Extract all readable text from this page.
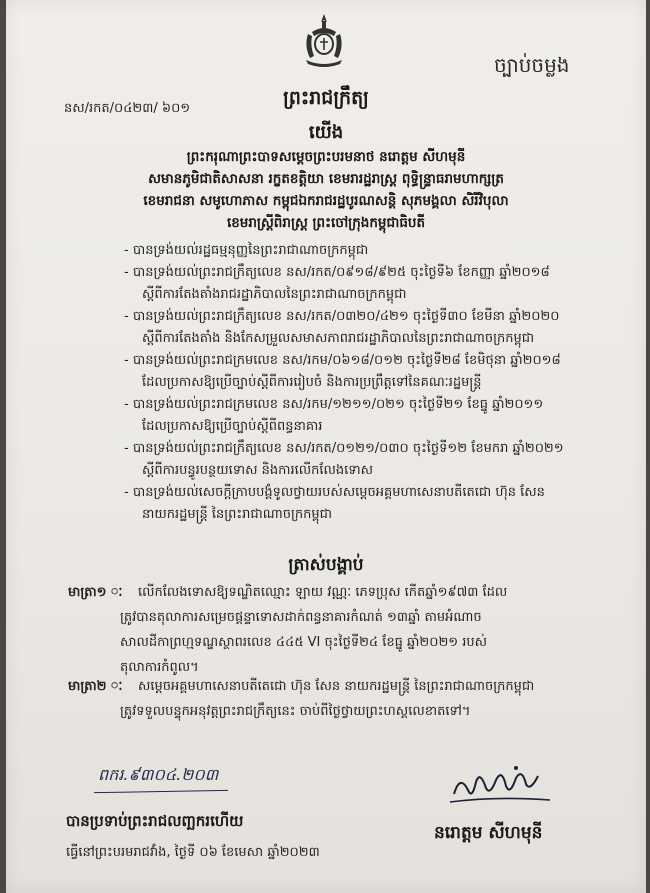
ច្បាប់ចម្លង
ព្រះរាជក្រឹត្យ
នស/រកត/០៤២៣/ ៦០១
យើង
ព្រះករុណាព្រះបាទសម្តេចព្រះបរមនាថ នរោត្តម សីហមុនី
សមានភូមិជាតិសាសនា រក្ខតខត្តិយា ខេមរារដ្ឋរាស្ត្រ ពុទ្ធិន្ទ្រាធរាមហាក្សត្រ
ខេមរាជនា សមូហោភាស កម្ពុជឯករាជរដ្ឋបូរណសន្តិ សុភមង្គលា សិរីវិបុលា
ខេមរាស្ត្រីពិរាស្ត្រ ព្រះចៅក្រុងកម្ពុជាធិបតី
- បានទ្រង់យល់រដ្ឋធម្មនុញ្ញនៃព្រះរាជាណាចក្រកម្ពុជា
- បានទ្រង់យល់ព្រះរាជក្រឹត្យលេខ នស/រកត/០៩១៨/៩២៥ ចុះថ្ងៃទី៦ ខែកញ្ញា ឆ្នាំ២០១៨
ស្តីពីការតែងតាំងរាជរដ្ឋាភិបាលនៃព្រះរាជាណាចក្រកម្ពុជា
- បានទ្រង់យល់ព្រះរាជក្រឹត្យលេខ នស/រកត/០៣២០/៤២១ ចុះថ្ងៃទី៣០ ខែមីនា ឆ្នាំ២០២០
ស្តីពីការតែងតាំង និងកែសម្រួលសមាសភាពរាជរដ្ឋាភិបាលនៃព្រះរាជាណាចក្រកម្ពុជា
- បានទ្រង់យល់ព្រះរាជក្រមលេខ នស/រកម/០៦១៨/០១២ ចុះថ្ងៃទី២៨ ខែមិថុនា ឆ្នាំ២០១៨
ដែលប្រកាសឱ្យប្រើច្បាប់ស្តីពីការរៀបចំ និងការប្រព្រឹត្តទៅនៃគណៈរដ្ឋមន្ត្រី
- បានទ្រង់យល់ព្រះរាជក្រមលេខ នស/រកម/១២១១/០២១ ចុះថ្ងៃទី២១ ខែធ្នូ ឆ្នាំ២០១១
ដែលប្រកាសឱ្យប្រើច្បាប់ស្តីពីពន្ធនាគារ
- បានទ្រង់យល់ព្រះរាជក្រឹត្យលេខ នស/រកត/០១២១/០៣០ ចុះថ្ងៃទី១២ ខែមករា ឆ្នាំ២០២១
ស្តីពីការបន្ធូរបន្ថយទោស និងការលើកលែងទោស
- បានទ្រង់យល់សេចក្តីក្រាបបង្គំទូលថ្វាយរបស់សម្តេចអគ្គមហាសេនាបតីតេជោ ហ៊ុន សែន
នាយករដ្ឋមន្ត្រី នៃព្រះរាជាណាចក្រកម្ពុជា
ត្រាស់បង្គាប់
មាត្រា១ ៈ	លើកលែងទោសឱ្យទណ្ឌិតឈ្មោះ ឡាយ វណ្ណៈ ភេទប្រុស កើតឆ្នាំ១៩៧៣ ដែល
ត្រូវបានតុលាការសម្រេចផ្តន្ទាទោសដាក់ពន្ធនាគារកំណត់ ១៣ឆ្នាំ តាមអំណាច
សាលដីកាព្រហ្មទណ្ឌស្ថាពរលេខ ៤៤៥ VI ចុះថ្ងៃទី២៤ ខែធ្នូ ឆ្នាំ២០២១ របស់
តុលាការកំពូល។
មាត្រា២ ៈ	សម្តេចអគ្គមហាសេនាបតីតេជោ ហ៊ុន សែន នាយករដ្ឋមន្ត្រី នៃព្រះរាជាណាចក្រកម្ពុជា
ត្រូវទទួលបន្ទុកអនុវត្តព្រះរាជក្រឹត្យនេះ ចាប់ពីថ្ងៃថ្វាយព្រះហស្តលេខាតទៅ។
ពករ.៩៣០៤.២០៣
បានប្រទាប់ព្រះរាជលញ្ឆករហើយ
ធ្វើនៅព្រះបរមរាជវាំង, ថ្ងៃទី ០៦ ខែមេសា ឆ្នាំ២០២៣
នរោត្តម សីហមុនី
